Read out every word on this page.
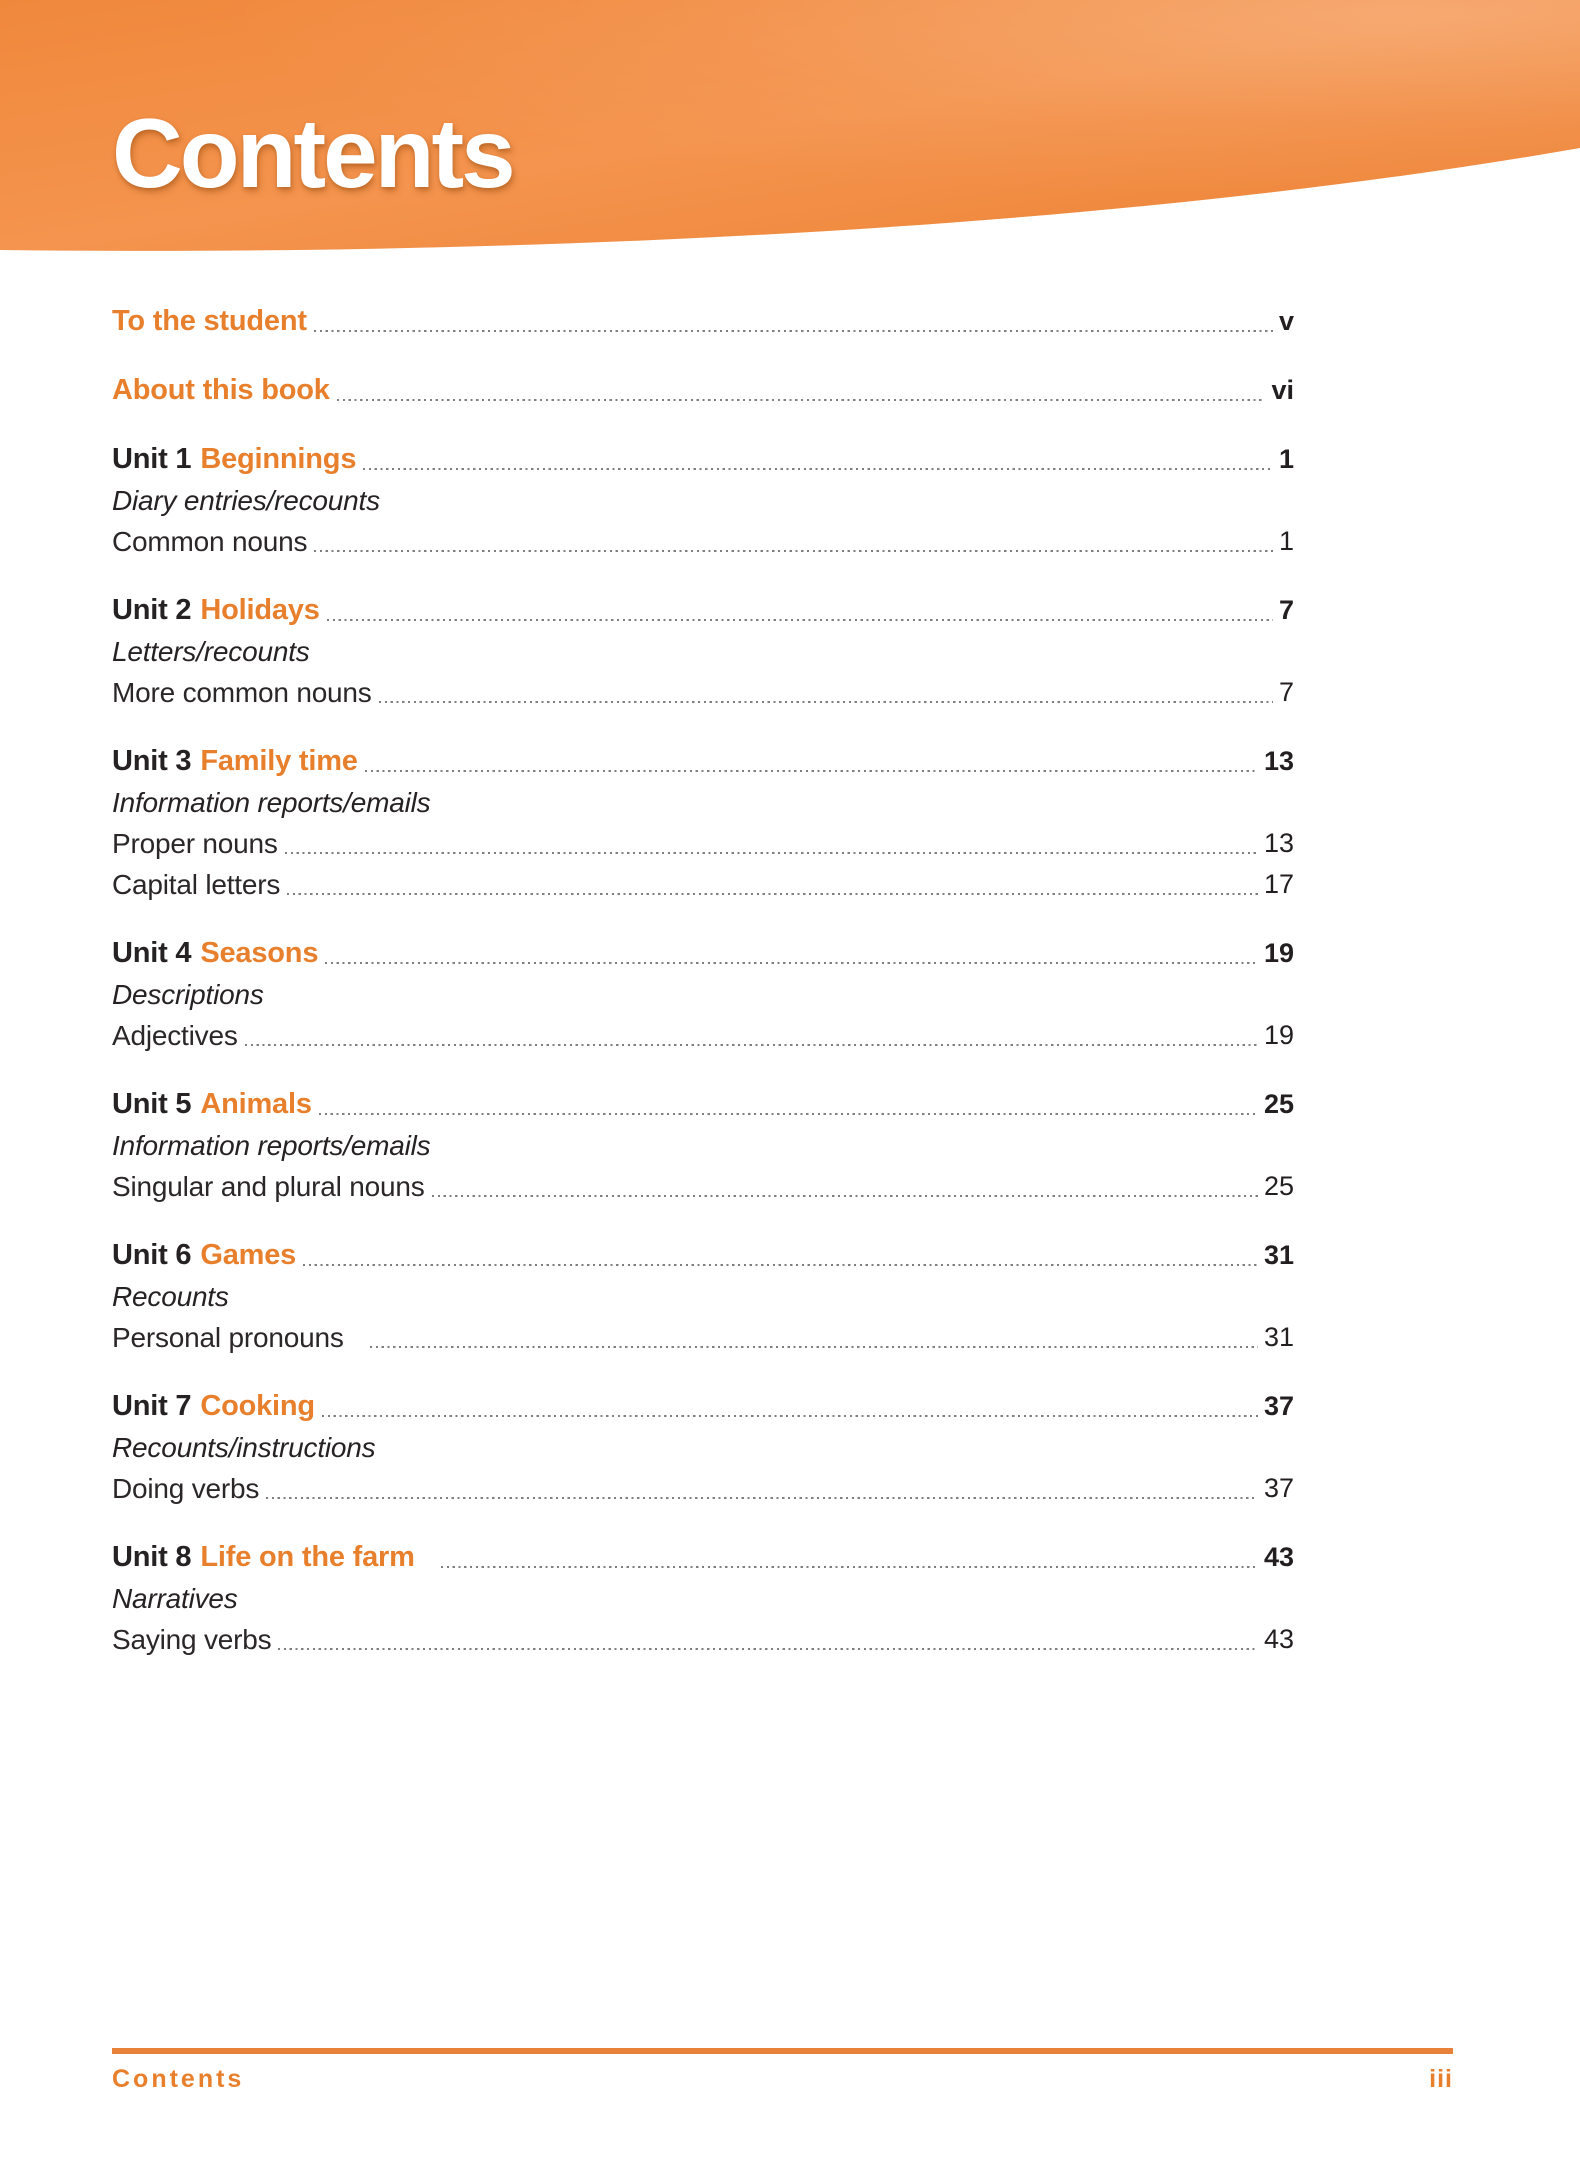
Contents
To the student	v
About this book	vi
Unit 1 Beginnings	1
Diary entries/recounts
Common nouns	1
Unit 2 Holidays	7
Letters/recounts
More common nouns	7
Unit 3 Family time	13
Information reports/emails
Proper nouns	13
Capital letters	17
Unit 4 Seasons	19
Descriptions
Adjectives	19
Unit 5 Animals	25
Information reports/emails
Singular and plural nouns	25
Unit 6 Games	31
Recounts
Personal pronouns	31
Unit 7 Cooking	37
Recounts/instructions
Doing verbs	37
Unit 8 Life on the farm	43
Narratives
Saying verbs	43
Contents	iii
